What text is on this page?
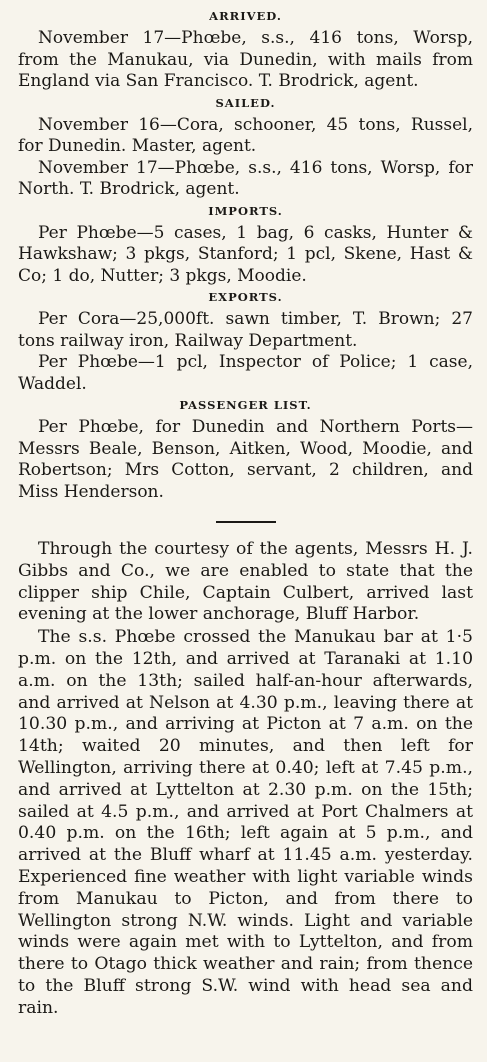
ARRIVED.

November 17—Phœbe, s.s., 416 tons, Worsp, from the Manukau, via Dunedin, with mails from England via San Francisco. T. Brodrick, agent.

SAILED.

November 16—Cora, schooner, 45 tons, Russel, for Dunedin. Master, agent.

November 17—Phœbe, s.s., 416 tons, Worsp, for North. T. Brodrick, agent.

IMPORTS.

Per Phœbe—5 cases, 1 bag, 6 casks, Hunter & Hawkshaw; 3 pkgs, Stanford; 1 pcl, Skene, Hast & Co; 1 do, Nutter; 3 pkgs, Moodie.

EXPORTS.

Per Cora—25,000ft. sawn timber, T. Brown; 27 tons railway iron, Railway Department.

Per Phœbe—1 pcl, Inspector of Police; 1 case, Waddel.

PASSENGER LIST.

Per Phœbe, for Dunedin and Northern Ports—Messrs Beale, Benson, Aitken, Wood, Moodie, and Robertson; Mrs Cotton, servant, 2 children, and Miss Henderson.

Through the courtesy of the agents, Messrs H. J. Gibbs and Co., we are enabled to state that the clipper ship Chile, Captain Culbert, arrived last evening at the lower anchorage, Bluff Harbor.

The s.s. Phœbe crossed the Manukau bar at 1·5 p.m. on the 12th, and arrived at Taranaki at 1.10 a.m. on the 13th; sailed half-an-hour afterwards, and arrived at Nelson at 4.30 p.m., leaving there at 10.30 p.m., and arriving at Picton at 7 a.m. on the 14th; waited 20 minutes, and then left for Wellington, arriving there at 0.40; left at 7.45 p.m., and arrived at Lyttelton at 2.30 p.m. on the 15th; sailed at 4.5 p.m., and arrived at Port Chalmers at 0.40 p.m. on the 16th; left again at 5 p.m., and arrived at the Bluff wharf at 11.45 a.m. yesterday. Experienced fine weather with light variable winds from Manukau to Picton, and from there to Wellington strong N.W. winds. Light and variable winds were again met with to Lyttelton, and from there to Otago thick weather and rain; from thence to the Bluff strong S.W. wind with head sea and rain.
